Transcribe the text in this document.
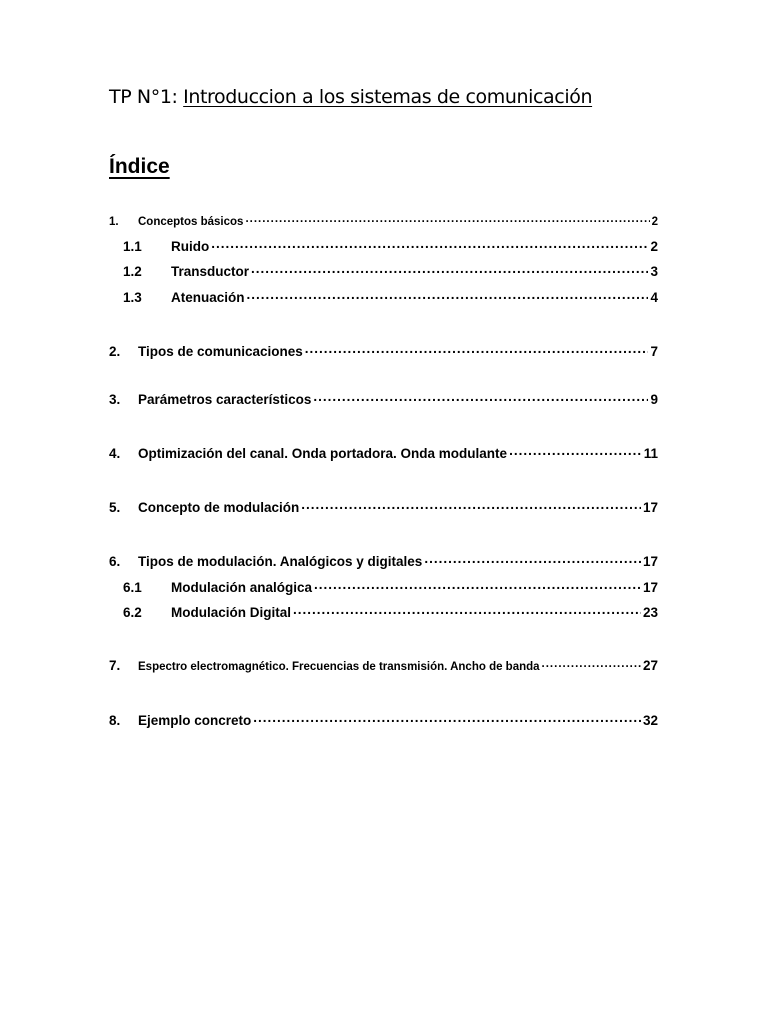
TP N°1: Introduccion a los sistemas de comunicación
Índice
1.	Conceptos básicos .....	2
1.1	Ruido .....	2
1.2	Transductor .....	3
1.3	Atenuación .....	4
2.	Tipos de comunicaciones .....	7
3.	Parámetros característicos .....	9
4.	Optimización del canal. Onda portadora. Onda modulante .....	11
5.	Concepto de modulación .....	17
6.	Tipos de modulación. Analógicos y digitales .....	17
6.1	Modulación analógica .....	17
6.2	Modulación Digital .....	23
7.	Espectro electromagnético. Frecuencias de transmisión. Ancho de banda .....	27
8.	Ejemplo concreto .....	32
